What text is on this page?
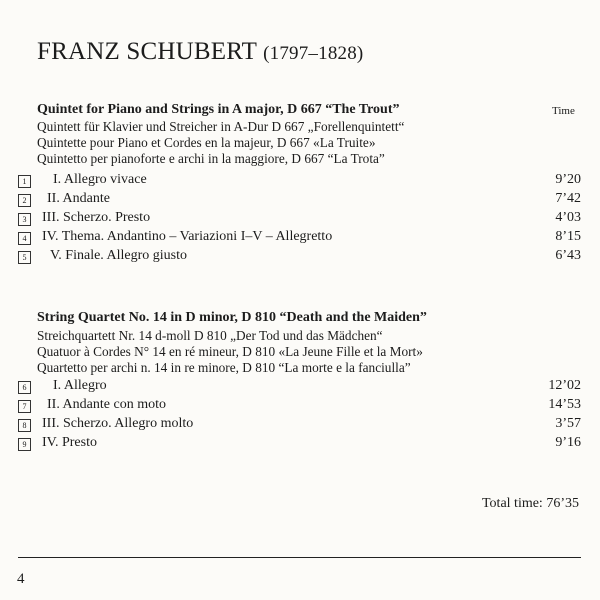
FRANZ SCHUBERT (1797–1828)
Time
Quintet for Piano and Strings in A major, D 667 “The Trout”
Quintett für Klavier und Streicher in A-Dur D 667 „Forellenquintett“
Quintette pour Piano et Cordes en la majeur, D 667 «La Truite»
Quintetto per pianoforte e archi in la maggiore, D 667 “La Trota”
1	I. Allegro vivace	9’20
2	II. Andante	7’42
3	III. Scherzo. Presto	4’03
4	IV. Thema. Andantino – Variazioni I–V – Allegretto	8’15
5	V. Finale. Allegro giusto	6’43
String Quartet No. 14 in D minor, D 810 “Death and the Maiden”
Streichquartett Nr. 14 d-moll D 810 „Der Tod und das Mädchen“
Quatuor à Cordes N° 14 en ré mineur, D 810 «La Jeune Fille et la Mort»
Quartetto per archi n. 14 in re minore, D 810 “La morte e la fanciulla”
6	I. Allegro	12’02
7	II. Andante con moto	14’53
8	III. Scherzo. Allegro molto	3’57
9	IV. Presto	9’16
Total time: 76’35
4
